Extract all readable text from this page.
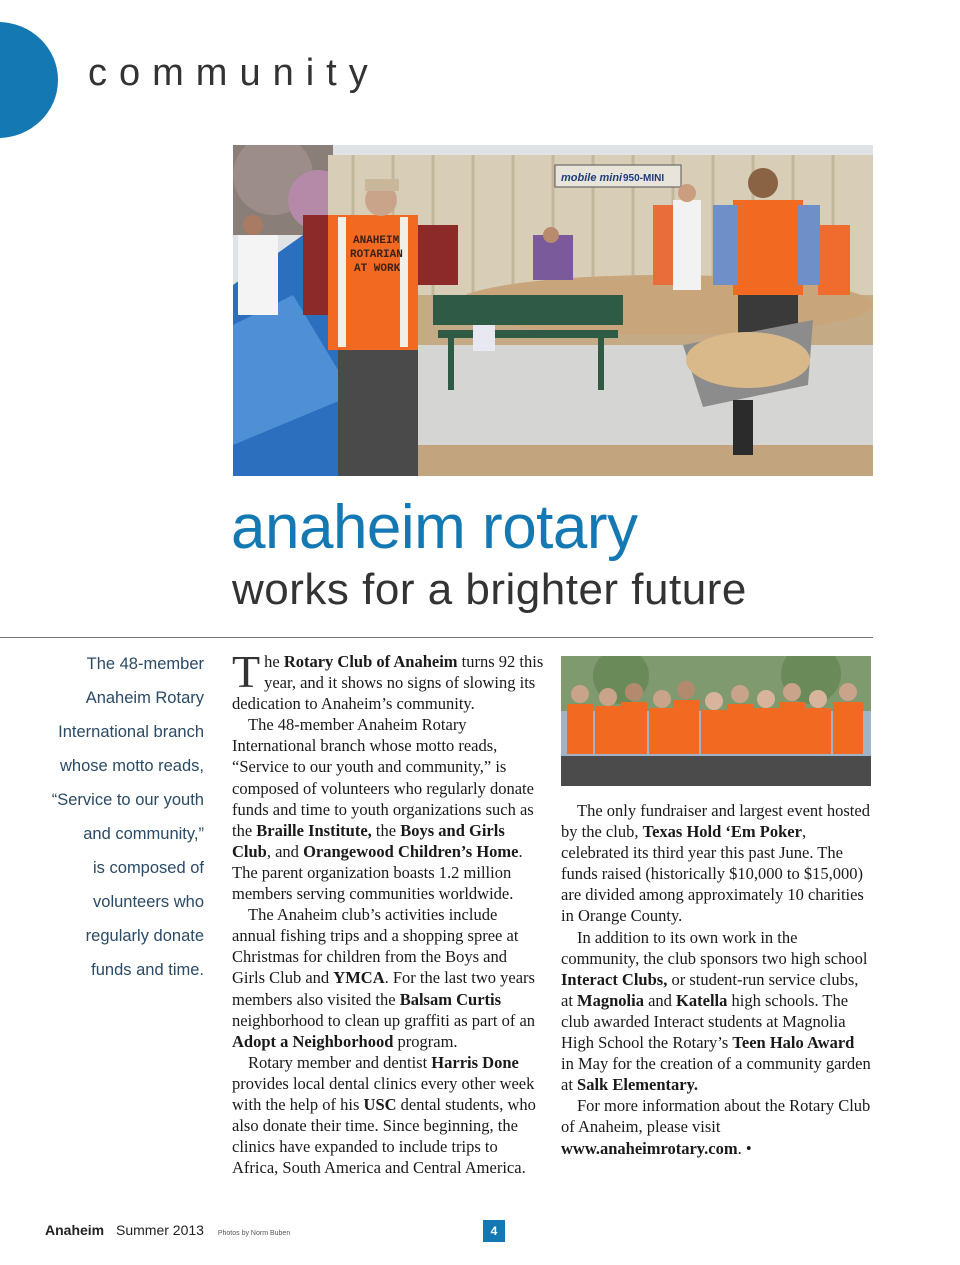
community
mobile mini 950-MINI
ANAHEIM
ROTARIAN
AT WORK
anaheim rotary
works for a brighter future
The 48-member
Anaheim Rotary
International branch
whose motto reads,
“Service to our youth
and community,”
is composed of
volunteers who
regularly donate
funds and time.
T he Rotary Club of Anaheim turns 92 this year, and it shows no signs of slowing its dedication to Anaheim’s community.

The 48-member Anaheim Rotary International branch whose motto reads, “Service to our youth and community,” is composed of volunteers who regularly donate funds and time to youth organizations such as the Braille Institute, the Boys and Girls Club, and Orangewood Children’s Home. The parent organization boasts 1.2 million members serving communities worldwide.

The Anaheim club’s activities include annual fishing trips and a shopping spree at Christmas for children from the Boys and Girls Club and YMCA. For the last two years members also visited the Balsam Curtis neighborhood to clean up graffiti as part of an Adopt a Neighborhood program.

Rotary member and dentist Harris Done provides local dental clinics every other week with the help of his USC dental students, who also donate their time. Since beginning, the clinics have expanded to include trips to Africa, South America and Central America.

The only fundraiser and largest event hosted by the club, Texas Hold ‘Em Poker, celebrated its third year this past June. The funds raised (historically $10,000 to $15,000) are divided among approximately 10 charities in Orange County.

In addition to its own work in the community, the club sponsors two high school Interact Clubs, or student-run service clubs, at Magnolia and Katella high schools. The club awarded Interact students at Magnolia High School the Rotary’s Teen Halo Award in May for the creation of a community garden at Salk Elementary.

For more information about the Rotary Club of Anaheim, please visit www.anaheimrotary.com. •

Anaheim Summer 2013 Photos by Norm Buben	4
